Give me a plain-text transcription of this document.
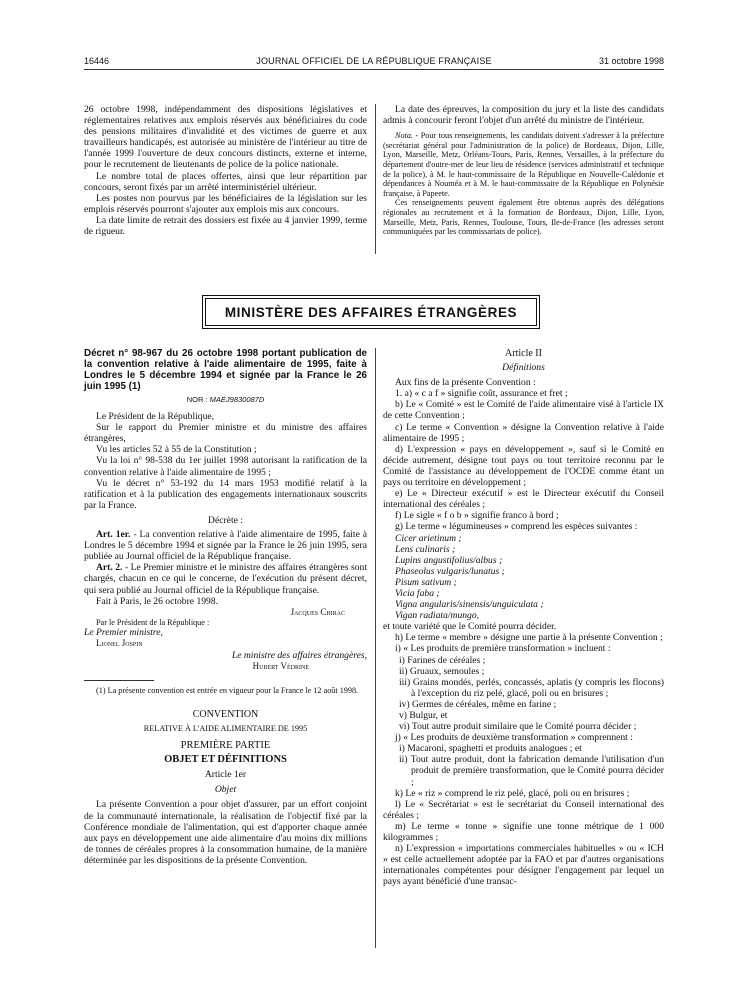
16446	JOURNAL OFFICIEL DE LA RÉPUBLIQUE FRANÇAISE	31 octobre 1998

26 octobre 1998, indépendamment des dispositions législatives et réglementaires relatives aux emplois réservés aux bénéficiaires du code des pensions militaires d'invalidité et des victimes de guerre et aux travailleurs handicapés, est autorisée au ministère de l'intérieur au titre de l'année 1999 l'ouverture de deux concours distincts, externe et interne, pour le recrutement de lieutenants de police de la police nationale.

Le nombre total de places offertes, ainsi que leur répartition par concours, seront fixés par un arrêté interministériel ultérieur.

Les postes non pourvus par les bénéficiaires de la législation sur les emplois réservés pourront s'ajouter aux emplois mis aux concours.

La date limite de retrait des dossiers est fixée au 4 janvier 1999, terme de rigueur.

La date des épreuves, la composition du jury et la liste des candidats admis à concourir feront l'objet d'un arrêté du ministre de l'intérieur.

Nota. - Pour tous renseignements, les candidats doivent s'adresser à la préfecture (secrétariat général pour l'administration de la police) de Bordeaux, Dijon, Lille, Lyon, Marseille, Metz, Orléans-Tours, Paris, Rennes, Versailles, à la préfecture du département d'outre-mer de leur lieu de résidence (services administratif et technique de la police), à M. le haut-commissaire de la République en Nouvelle-Calédonie et dépendances à Nouméa et à M. le haut-commissaire de la République en Polynésie française, à Papeete.

Ces renseignements peuvent également être obtenus auprès des délégations régionales au recrutement et à la formation de Bordeaux, Dijon, Lille, Lyon, Marseille, Metz, Paris, Rennes, Toulouse, Tours, Ile-de-France (les adresses seront communiquées par les commissariats de police).

MINISTÈRE DES AFFAIRES ÉTRANGÈRES
Décret n° 98-967 du 26 octobre 1998 portant publication de la convention relative à l'aide alimentaire de 1995, faite à Londres le 5 décembre 1994 et signée par la France le 26 juin 1995 (1)
NOR : MAEJ9830087D

Le Président de la République,

Sur le rapport du Premier ministre et du ministre des affaires étrangères,

Vu les articles 52 à 55 de la Constitution ;

Vu la loi n° 98-538 du 1er juillet 1998 autorisant la ratification de la convention relative à l'aide alimentaire de 1995 ;

Vu le décret n° 53-192 du 14 mars 1953 modifié relatif à la ratification et à la publication des engagements internationaux souscrits par la France.

Décrète :

Art. 1er. - La convention relative à l'aide alimentaire de 1995, faite à Londres le 5 décembre 1994 et signée par la France le 26 juin 1995, sera publiée au Journal officiel de la République française.

Art. 2. - Le Premier ministre et le ministre des affaires étrangères sont chargés, chacun en ce qui le concerne, de l'exécution du présent décret, qui sera publié au Journal officiel de la République française.

Fait à Paris, le 26 octobre 1998.

Jacques Chirac

Par le Président de la République :

Le Premier ministre,

Lionel Jospin

Le ministre des affaires étrangères,

Hubert Védrine

(1) La présente convention est entrée en vigueur pour la France le 12 août 1998.

CONVENTION

RELATIVE À L'AIDE ALIMENTAIRE DE 1995

PREMIÈRE PARTIE

OBJET ET DÉFINITIONS

Article 1er

Objet

La présente Convention a pour objet d'assurer, par un effort conjoint de la communauté internationale, la réalisation de l'objectif fixé par la Conférence mondiale de l'alimentation, qui est d'apporter chaque année aux pays en développement une aide alimentaire d'au moins dix millions de tonnes de céréales propres à la consommation humaine, de la manière déterminée par les dispositions de la présente Convention.

Article II

Définitions

Aux fins de la présente Convention :

1. a) « c a f » signifie coût, assurance et fret ;

b) Le « Comité » est le Comité de l'aide alimentaire visé à l'article IX de cette Convention ;

c) Le terme « Convention » désigne la Convention relative à l'aide alimentaire de 1995 ;

d) L'expression « pays en développement », sauf si le Comité en décide autrement, désigne tout pays ou tout territoire reconnu par le Comité de l'assistance au développement de l'OCDE comme étant un pays ou territoire en développement ;

e) Le « Directeur exécutif » est le Directeur exécutif du Conseil international des céréales ;

f) Le sigle « f o b » signifie franco à bord ;

g) Le terme « légumineuses » comprend les espèces suivantes :

Cicer arietinum ;

Lens culinaris ;

Lupins angustifolius/albus ;

Phaseolus vulgaris/lunatus ;

Pisum sativum ;

Vicia faba ;

Vigna angularis/sinensis/unguiculata ;

Vigan radiata/mungo,

et toute variété que le Comité pourra décider.

h) Le terme « membre » désigne une partie à la présente Convention ;

i) « Les produits de première transformation » incluent :

i) Farines de céréales ;

ii) Gruaux, semoules ;

iii) Grains mondés, perlés, concassés, aplatis (y compris les flocons) à l'exception du riz pelé, glacé, poli ou en brisures ;

iv) Germes de céréales, même en farine ;

v) Bulgur, et

vi) Tout autre produit similaire que le Comité pourra décider ;

j) « Les produits de deuxième transformation » comprennent :

i) Macaroni, spaghetti et produits analogues ; et

ii) Tout autre produit, dont la fabrication demande l'utilisation d'un produit de première transformation, que le Comité pourra décider ;

k) Le « riz » comprend le riz pelé, glacé, poli ou en brisures ;

l) Le « Secrétariat » est le secrétariat du Conseil international des céréales ;

m) Le terme « tonne » signifie une tonne métrique de 1 000 kilogrammes ;

n) L'expression « importations commerciales habituelles » ou « ICH » est celle actuellement adoptée par la FAO et par d'autres organisations internationales compétentes pour désigner l'engagement par lequel un pays ayant bénéficié d'une transac-
